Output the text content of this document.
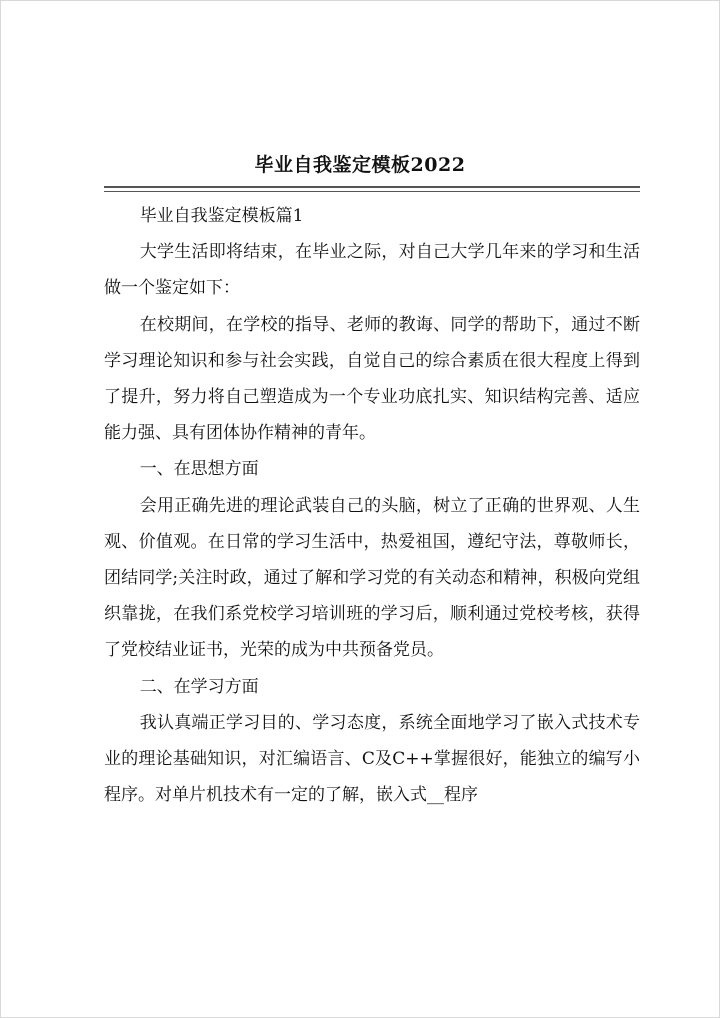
毕业自我鉴定模板2022

毕业自我鉴定模板篇1

大学生活即将结束，在毕业之际，对自己大学几年来的学习和生活做一个鉴定如下：

在校期间，在学校的指导、老师的教诲、同学的帮助下，通过不断学习理论知识和参与社会实践，自觉自己的综合素质在很大程度上得到了提升，努力将自己塑造成为一个专业功底扎实、知识结构完善、适应能力强、具有团体协作精神的青年。

一、在思想方面

会用正确先进的理论武装自己的头脑，树立了正确的世界观、人生观、价值观。在日常的学习生活中，热爱祖国，遵纪守法，尊敬师长，团结同学;关注时政，通过了解和学习党的有关动态和精神，积极向党组织靠拢，在我们系党校学习培训班的学习后，顺利通过党校考核，获得了党校结业证书，光荣的成为中共预备党员。

二、在学习方面

我认真端正学习目的、学习态度，系统全面地学习了嵌入式技术专业的理论基础知识，对汇编语言、C及C++掌握很好，能独立的编写小程序。对单片机技术有一定的了解，嵌入式__程序
